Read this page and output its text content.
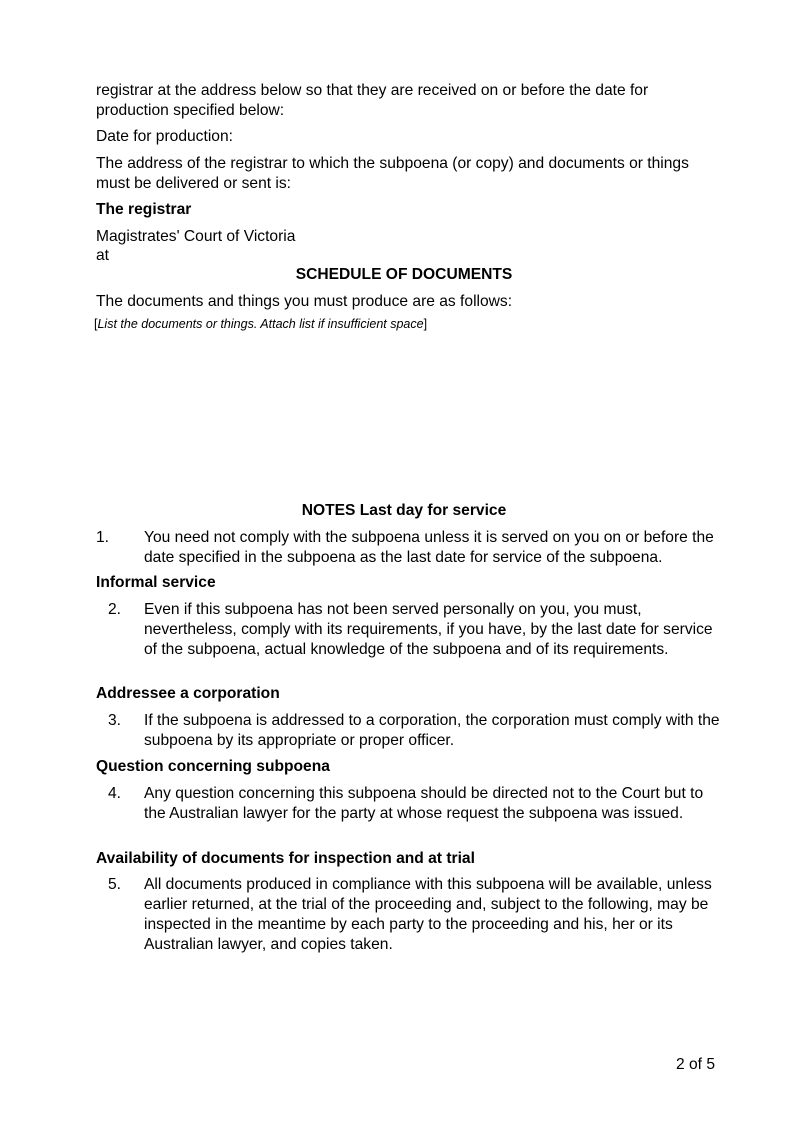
registrar at the address below so that they are received on or before the date for production specified below:

Date for production:

The address of the registrar to which the subpoena (or copy) and documents or things must be delivered or sent is:

The registrar

Magistrates' Court of Victoria

at

SCHEDULE OF DOCUMENTS

The documents and things you must produce are as follows:

[List the documents or things. Attach list if insufficient space]

NOTES Last day for service

1. You need not comply with the subpoena unless it is served on you on or before the date specified in the subpoena as the last date for service of the subpoena.

Informal service

2. Even if this subpoena has not been served personally on you, you must, nevertheless, comply with its requirements, if you have, by the last date for service of the subpoena, actual knowledge of the subpoena and of its requirements.

Addressee a corporation

3. If the subpoena is addressed to a corporation, the corporation must comply with the subpoena by its appropriate or proper officer.

Question concerning subpoena

4. Any question concerning this subpoena should be directed not to the Court but to the Australian lawyer for the party at whose request the subpoena was issued.

Availability of documents for inspection and at trial

5. All documents produced in compliance with this subpoena will be available, unless earlier returned, at the trial of the proceeding and, subject to the following, may be inspected in the meantime by each party to the proceeding and his, her or its Australian lawyer, and copies taken.

2 of 5
